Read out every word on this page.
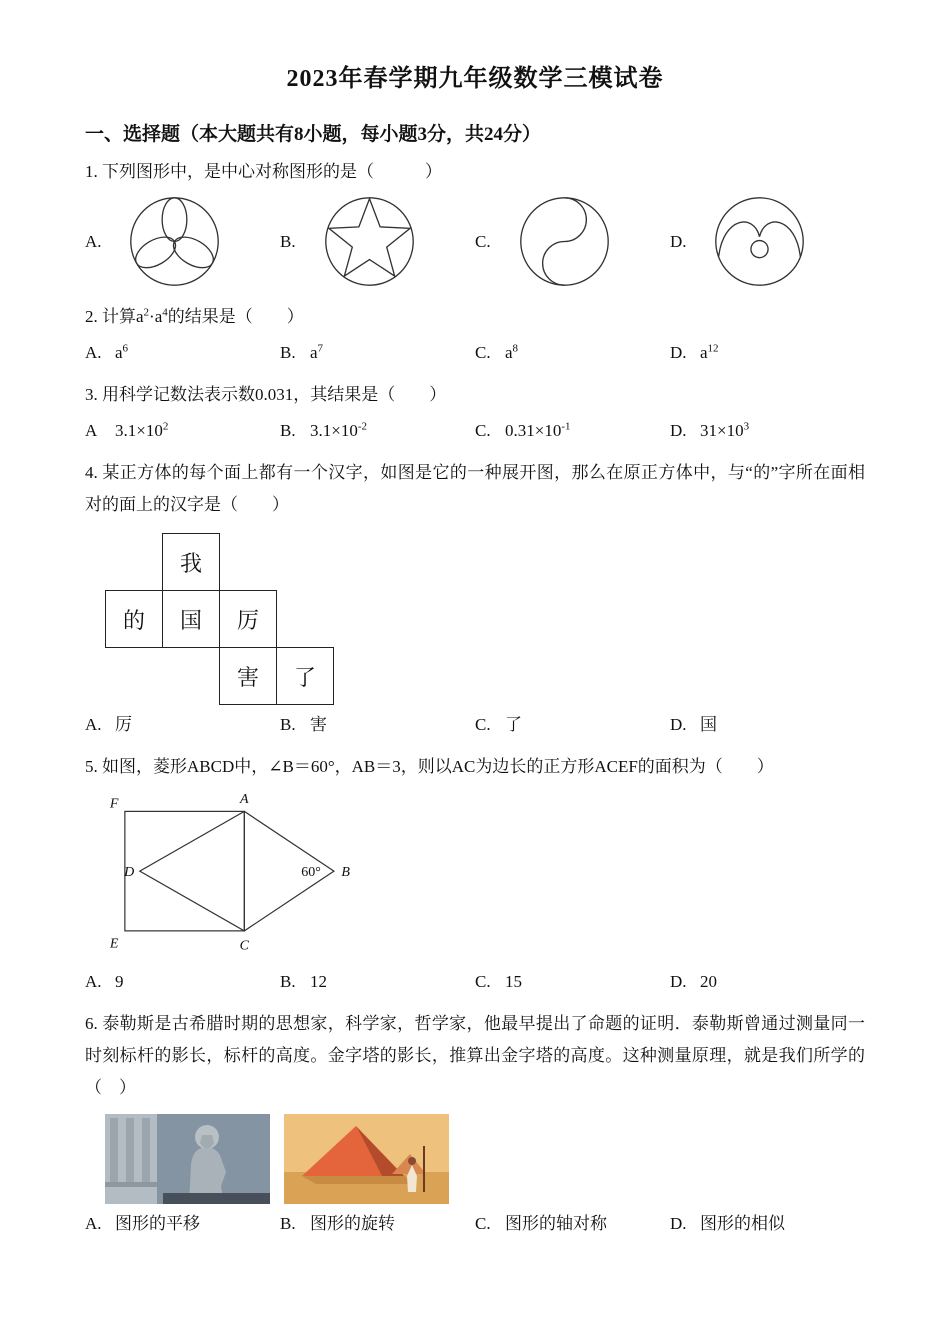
2023年春学期九年级数学三模试卷
一、选择题（本大题共有8小题，每小题3分，共24分）

1. 下列图形中，是中心对称图形的是（　　　）

A.	B.	C.	D.

2. 计算$a^2\cdot a^4$的结果是（　　）

A. $a^6$	B. $a^7$	C. $a^8$	D. $a^{12}$

3. 用科学记数法表示数0.031，其结果是（　　）

A $3.1\times 10^2$	B. $3.1\times 10^{-2}$	C. $0.31\times 10^{-1}$	D. $31\times 10^3$

4. 某正方体的每个面上都有一个汉字，如图是它的一种展开图，那么在原正方体中，与“的”字所在面相对的面上的汉字是（　　）

我
的	国	厉
害	了
A. 厉	B. 害	C. 了	D. 国

5. 如图，菱形ABCD中，∠B＝60°，AB＝3，则以AC为边长的正方形ACEF的面积为（　　）

F	A
D	B
E	C
60°
A. 9	B. 12	C. 15	D. 20

6. 泰勒斯是古希腊时期的思想家，科学家，哲学家，他最早提出了命题的证明．泰勒斯曾通过测量同一时刻标杆的影长，标杆的高度。金字塔的影长，推算出金字塔的高度。这种测量原理，就是我们所学的（　）

A. 图形的平移	B. 图形的旋转	C. 图形的轴对称	D. 图形的相似
